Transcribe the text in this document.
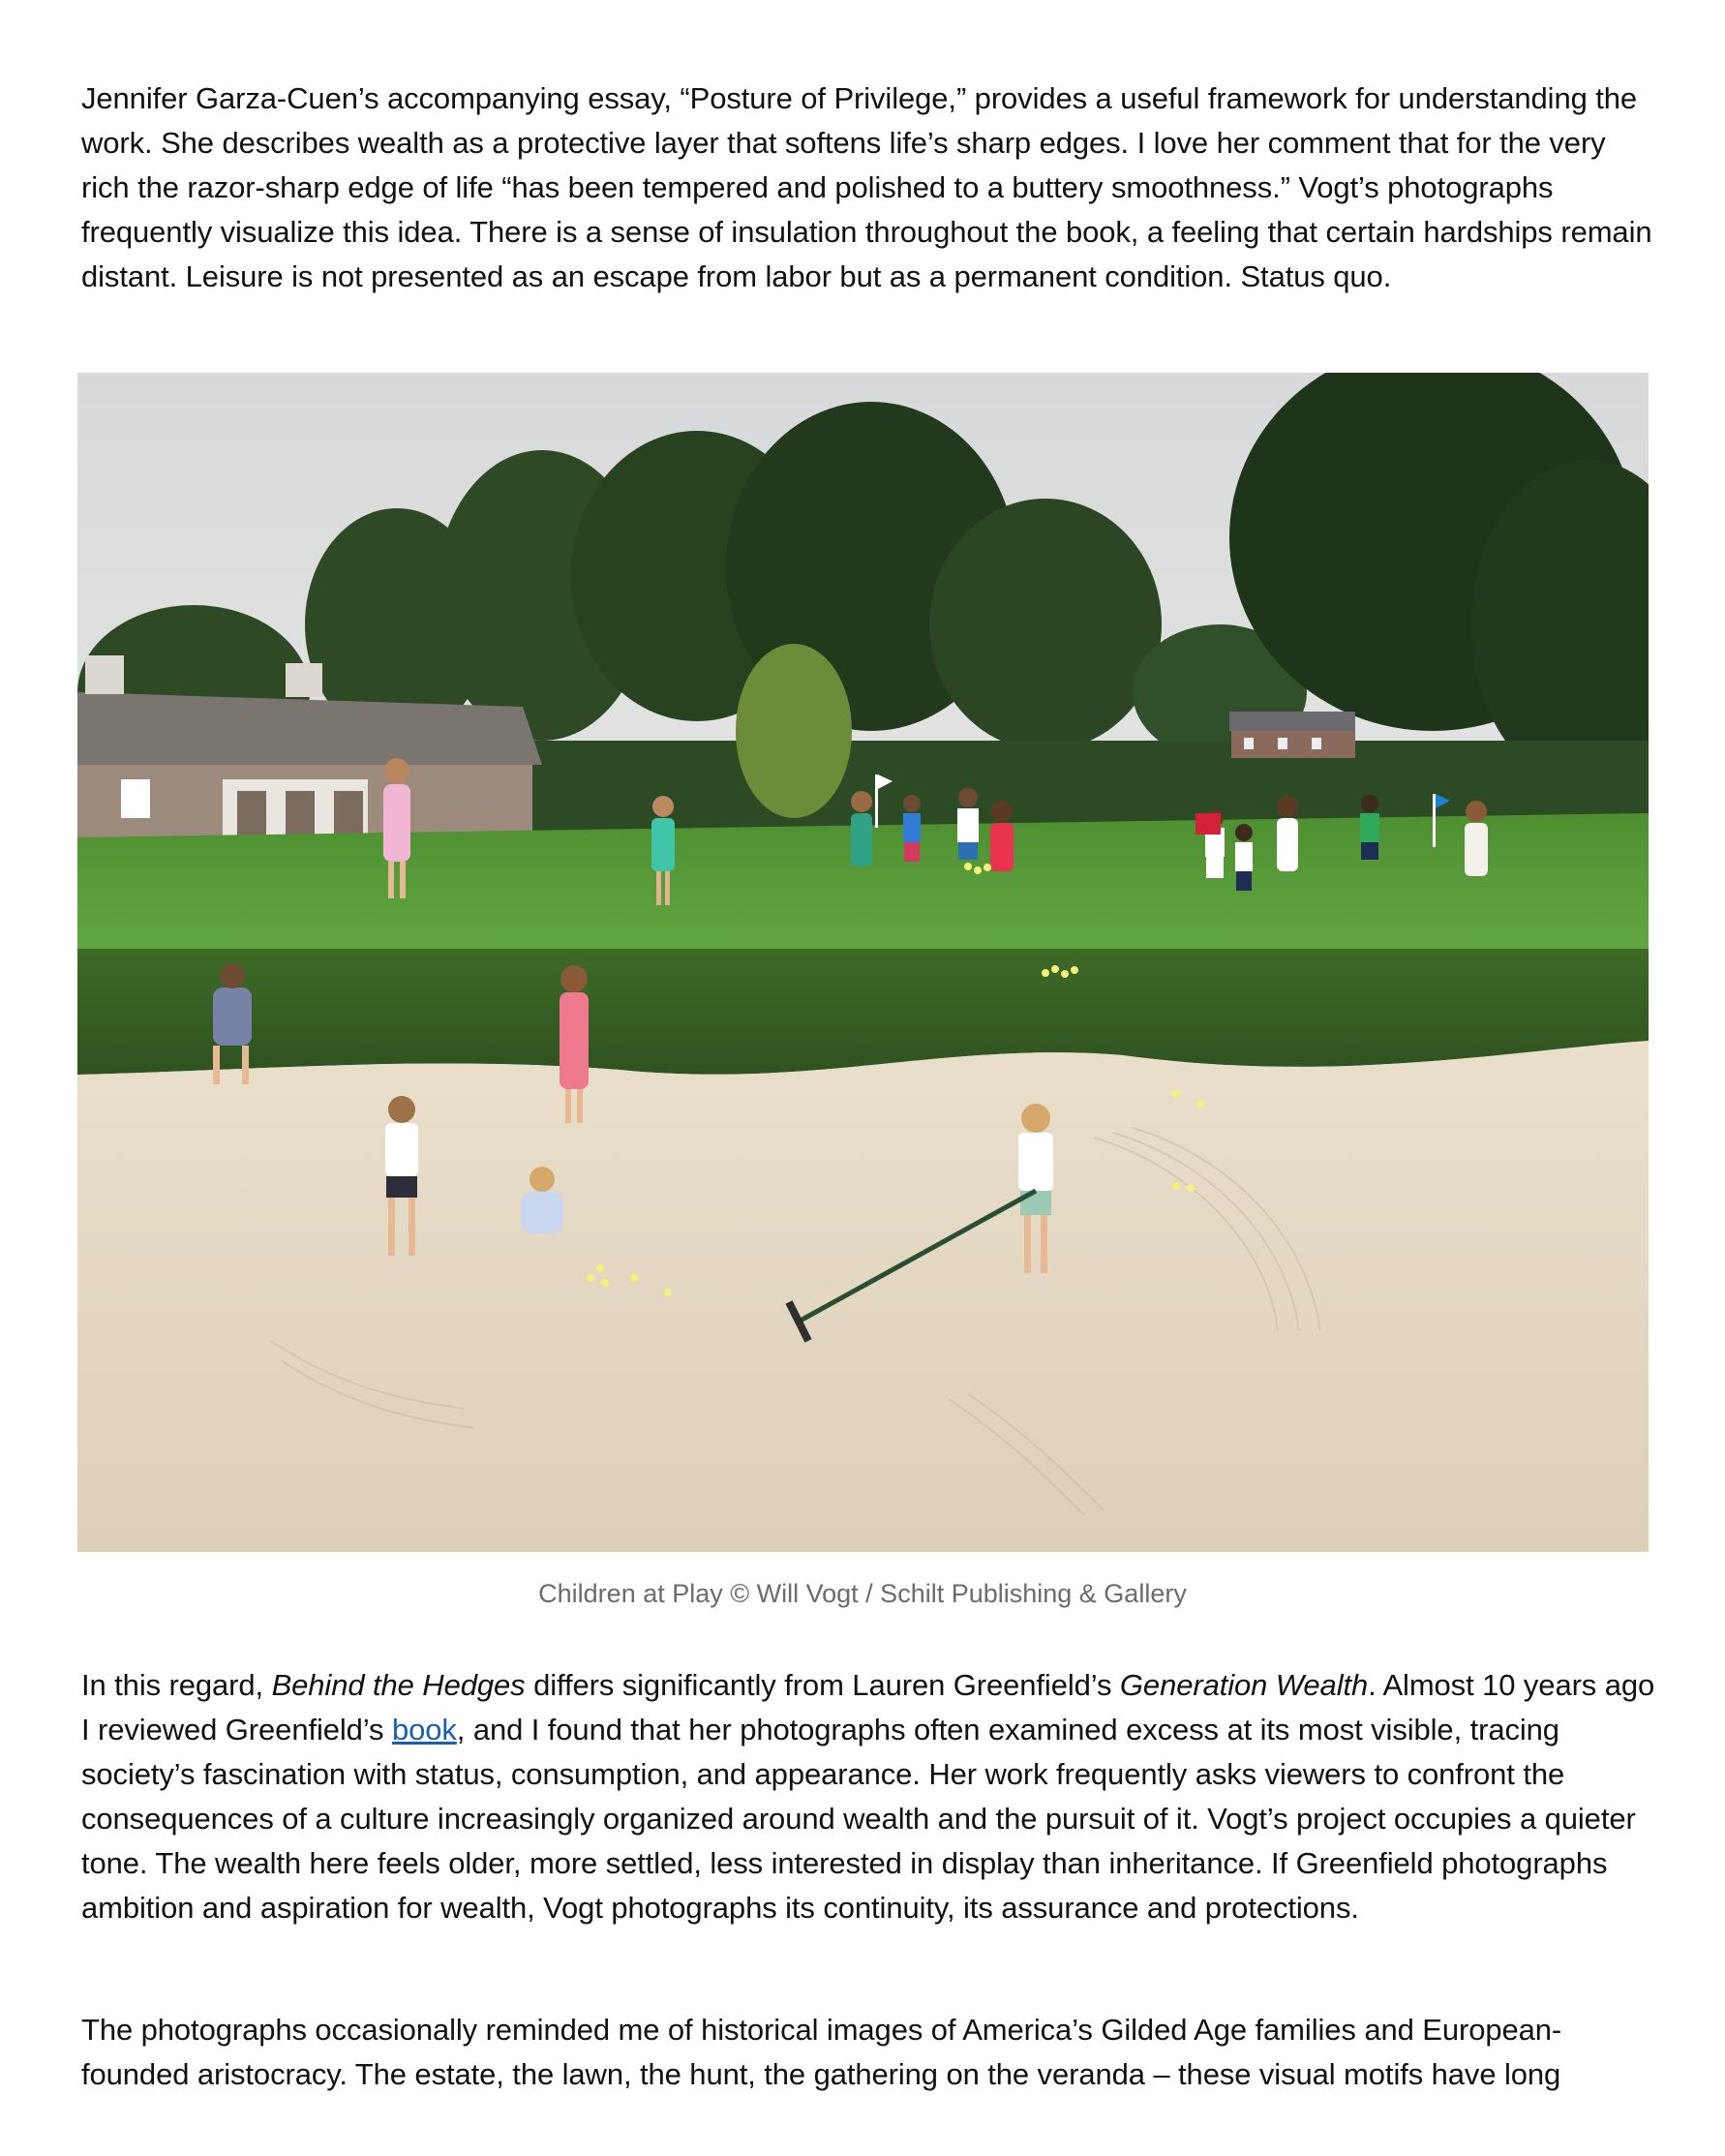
Jennifer Garza-Cuen’s accompanying essay, “Posture of Privilege,” provides a useful framework for understanding the work. She describes wealth as a protective layer that softens life’s sharp edges. I love her comment that for the very rich the razor-sharp edge of life “has been tempered and polished to a buttery smoothness.” Vogt’s photographs frequently visualize this idea. There is a sense of insulation throughout the book, a feeling that certain hardships remain distant. Leisure is not presented as an escape from labor but as a permanent condition. Status quo.

In this regard, Behind the Hedges differs significantly from Lauren Greenfield’s Generation Wealth. Almost 10 years ago I reviewed Greenfield’s book, and I found that her photographs often examined excess at its most visible, tracing society’s fascination with status, consumption, and appearance. Her work frequently asks viewers to confront the consequences of a culture increasingly organized around wealth and the pursuit of it. Vogt’s project occupies a quieter tone. The wealth here feels older, more settled, less interested in display than inheritance. If Greenfield photographs ambition and aspiration for wealth, Vogt photographs its continuity, its assurance and protections.

The photographs occasionally reminded me of historical images of America’s Gilded Age families and European-founded aristocracy. The estate, the lawn, the hunt, the gathering on the veranda – these visual motifs have long

Children at Play © Will Vogt / Schilt Publishing & Gallery
